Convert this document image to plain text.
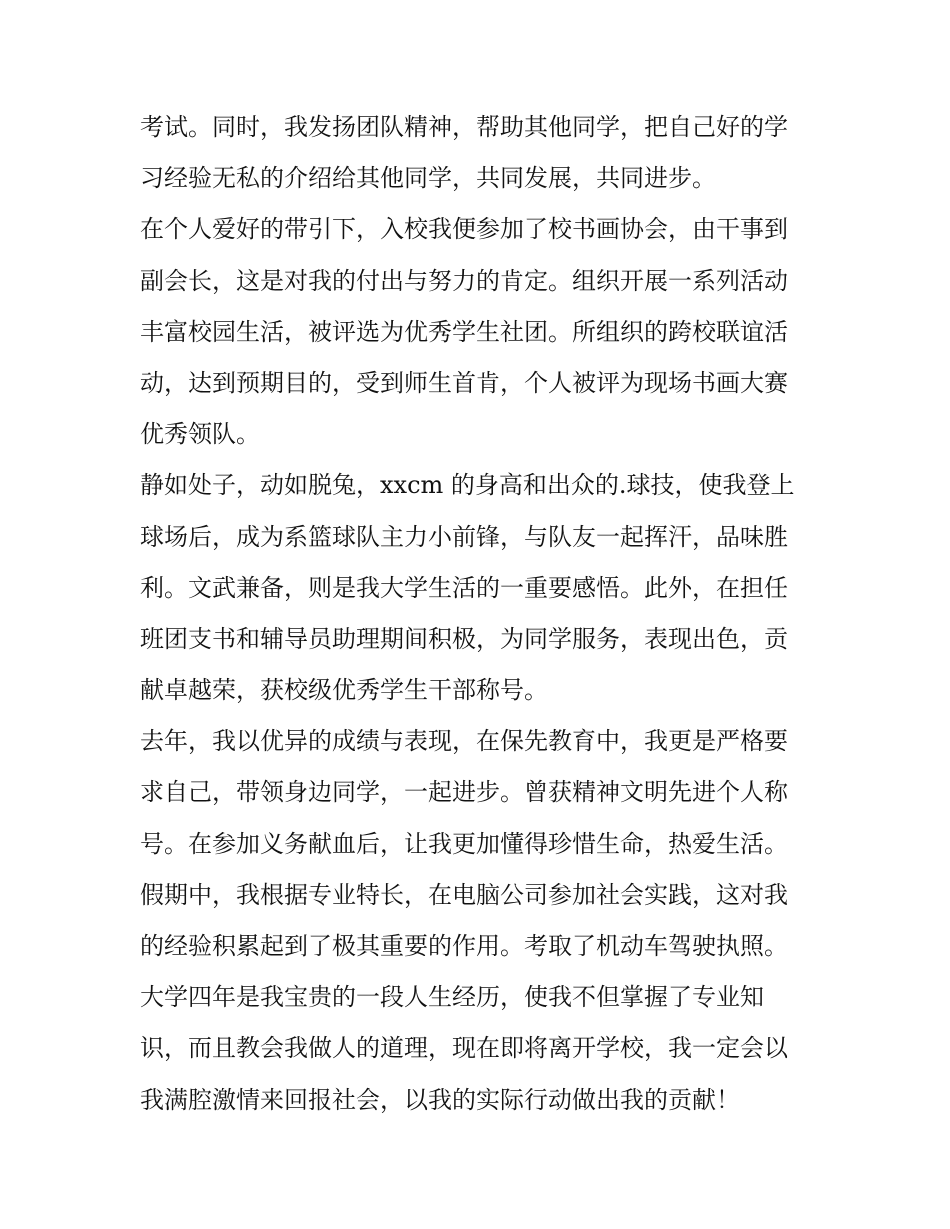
考试。同时，我发扬团队精神，帮助其他同学，把自己好的学
习经验无私的介绍给其他同学，共同发展，共同进步。
在个人爱好的带引下，入校我便参加了校书画协会，由干事到
副会长，这是对我的付出与努力的肯定。组织开展一系列活动
丰富校园生活，被评选为优秀学生社团。所组织的跨校联谊活
动，达到预期目的，受到师生首肯，个人被评为现场书画大赛
优秀领队。
静如处子，动如脱兔，xxcm 的身高和出众的.球技，使我登上
球场后，成为系篮球队主力小前锋，与队友一起挥汗，品味胜
利。文武兼备，则是我大学生活的一重要感悟。此外，在担任
班团支书和辅导员助理期间积极，为同学服务，表现出色，贡
献卓越荣，获校级优秀学生干部称号。
去年，我以优异的成绩与表现，在保先教育中，我更是严格要
求自己，带领身边同学，一起进步。曾获精神文明先进个人称
号。在参加义务献血后，让我更加懂得珍惜生命，热爱生活。
假期中，我根据专业特长，在电脑公司参加社会实践，这对我
的经验积累起到了极其重要的作用。考取了机动车驾驶执照。
大学四年是我宝贵的一段人生经历，使我不但掌握了专业知
识，而且教会我做人的道理，现在即将离开学校，我一定会以
我满腔激情来回报社会，以我的实际行动做出我的贡献！
